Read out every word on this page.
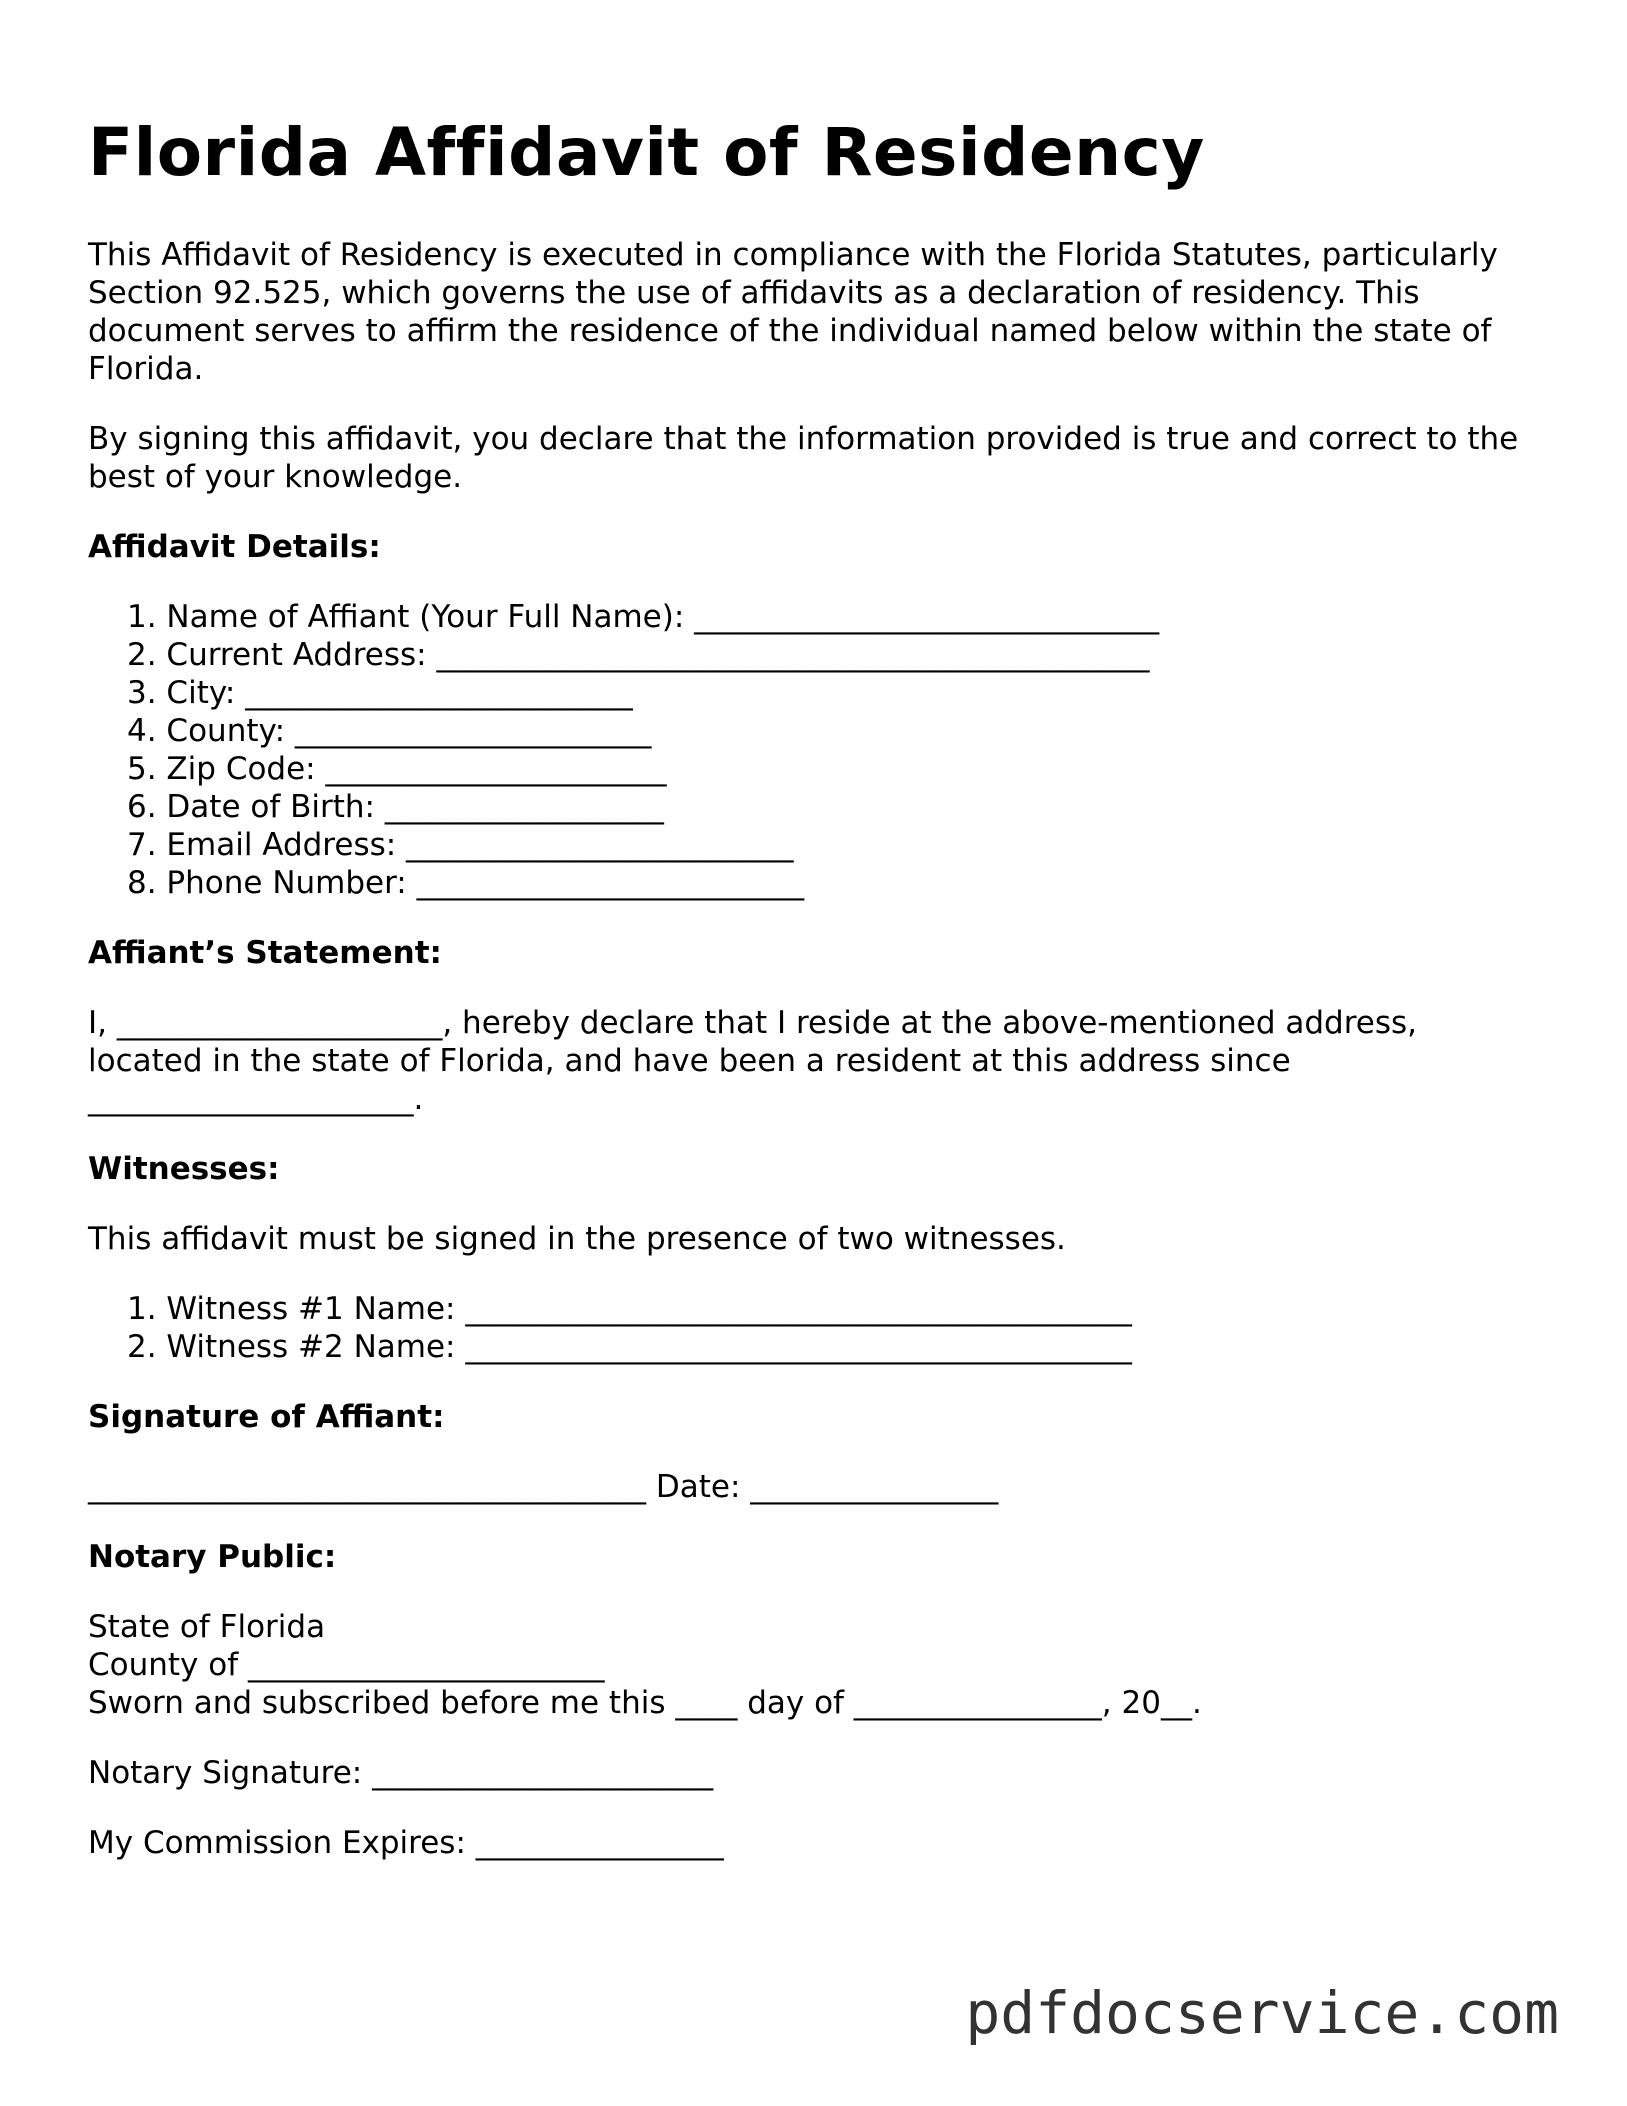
Florida Affidavit of Residency

This Affidavit of Residency is executed in compliance with the Florida Statutes, particularly Section 92.525, which governs the use of affidavits as a declaration of residency. This document serves to affirm the residence of the individual named below within the state of Florida.

By signing this affidavit, you declare that the information provided is true and correct to the best of your knowledge.

Affidavit Details:
1. Name of Affiant (Your Full Name): ______________________________
2. Current Address: ______________________________________________
3. City: _________________________
4. County: _______________________
5. Zip Code: ______________________
6. Date of Birth: __________________
7. Email Address: _________________________
8. Phone Number: _________________________
Affiant’s Statement:

I, _____________________, hereby declare that I reside at the above-mentioned address,
located in the state of Florida, and have been a resident at this address since
_____________________.

Witnesses:

This affidavit must be signed in the presence of two witnesses.

1. Witness #1 Name: ___________________________________________
2. Witness #2 Name: ___________________________________________
Signature of Affiant:

____________________________________ Date: ________________

Notary Public:

State of Florida
County of _______________________
Sworn and subscribed before me this ____ day of ________________, 20__.

Notary Signature: ______________________

My Commission Expires: ________________

pdfdocservice.com
